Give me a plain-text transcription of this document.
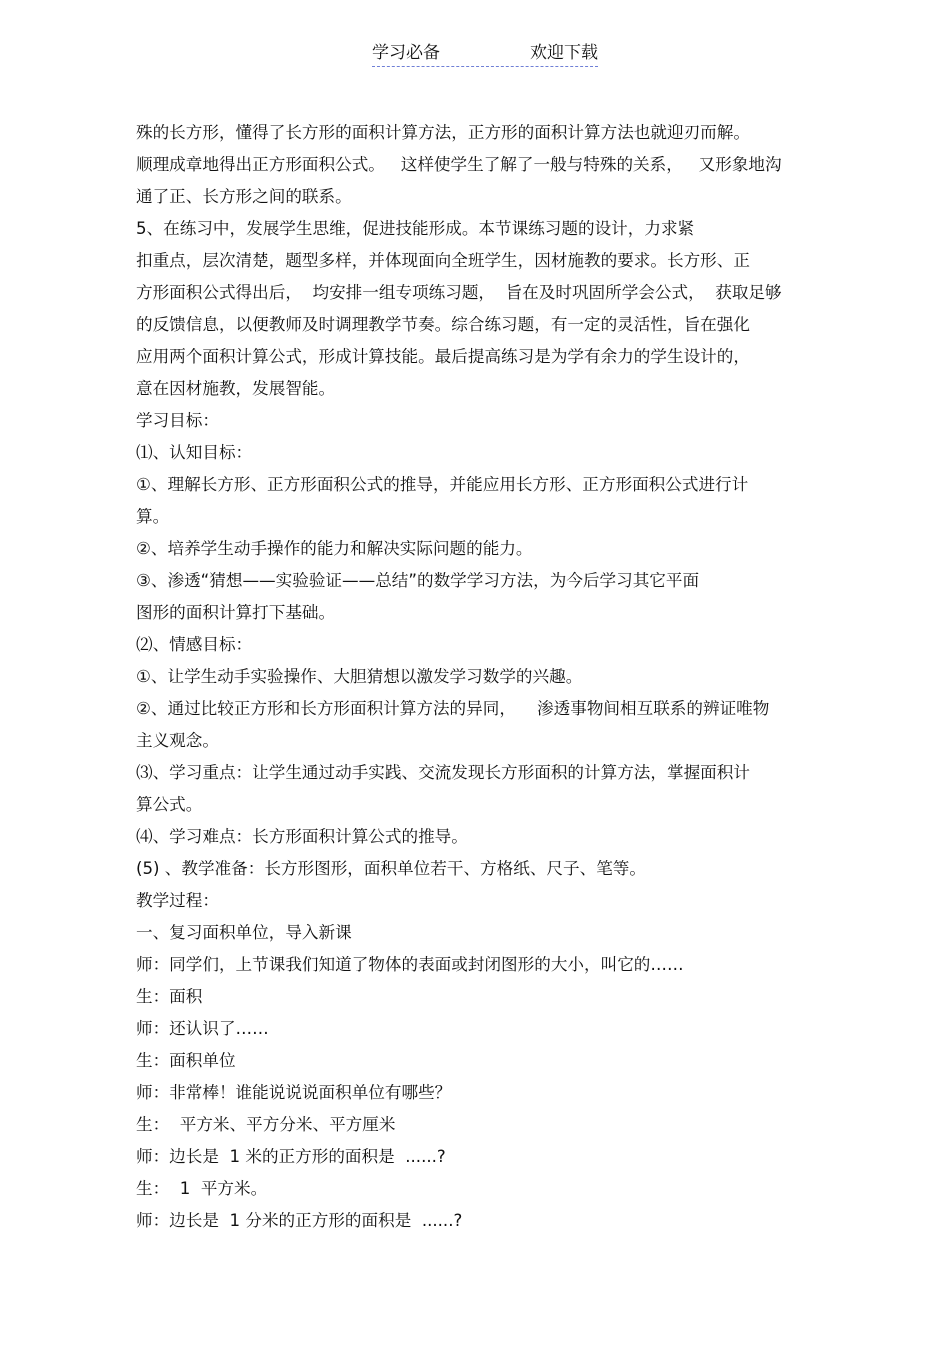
学习必备	欢迎下载
殊的长方形，懂得了长方形的面积计算方法，正方形的面积计算方法也就迎刃而解。
顺理成章地得出正方形面积公式。   这样使学生了解了一般与特殊的关系，   又形象地沟
通了正、长方形之间的联系。
5、在练习中，发展学生思维，促进技能形成。本节课练习题的设计，力求紧
扣重点，层次清楚，题型多样，并体现面向全班学生，因材施教的要求。长方形、正
方形面积公式得出后，  均安排一组专项练习题，  旨在及时巩固所学会公式，  获取足够
的反馈信息，以便教师及时调理教学节奏。综合练习题，有一定的灵活性，旨在强化
应用两个面积计算公式，形成计算技能。最后提高练习是为学有余力的学生设计的，
意在因材施教，发展智能。
学习目标：
⑴、认知目标：
①、理解长方形、正方形面积公式的推导，并能应用长方形、正方形面积公式进行计
算。
②、培养学生动手操作的能力和解决实际问题的能力。
③、渗透“猜想——实验验证——总结”的数学学习方法，为今后学习其它平面
图形的面积计算打下基础。
⑵、情感目标：
①、让学生动手实验操作、大胆猜想以激发学习数学的兴趣。
②、通过比较正方形和长方形面积计算方法的异同，    渗透事物间相互联系的辨证唯物
主义观念。
⑶、学习重点：让学生通过动手实践、交流发现长方形面积的计算方法，掌握面积计
算公式。
⑷、学习难点：长方形面积计算公式的推导。
(5) 、教学准备：长方形图形，面积单位若干、方格纸、尺子、笔等。
教学过程：
一、复习面积单位，导入新课
师：同学们，上节课我们知道了物体的表面或封闭图形的大小，叫它的……
生：面积
师：还认识了……
生：面积单位
师：非常棒！谁能说说说面积单位有哪些？
生：  平方米、平方分米、平方厘米
师：边长是  1 米的正方形的面积是  ......?
生：  1  平方米。
师：边长是  1 分米的正方形的面积是  ......?
